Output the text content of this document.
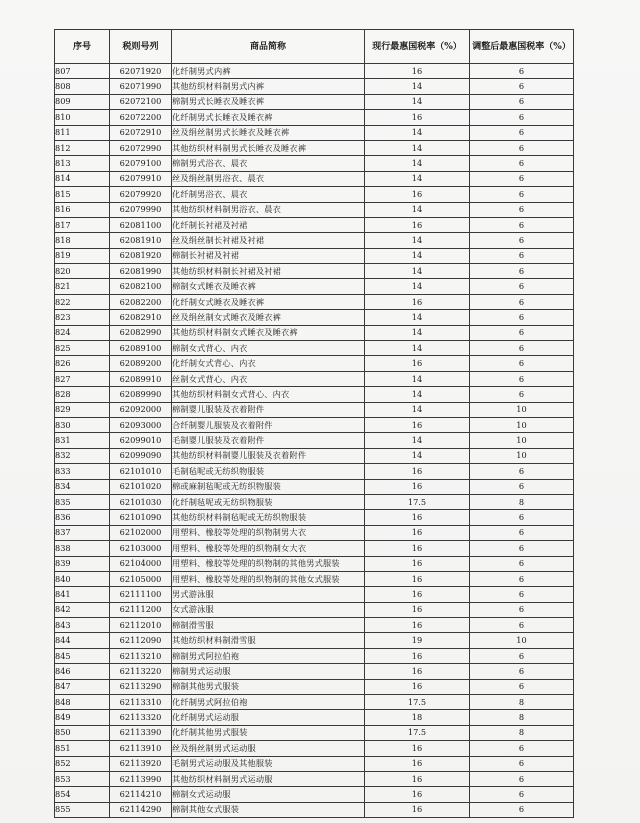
序号	税则号列	商品简称	现行最惠国税率（%）	调整后最惠国税率（%）
807	62071920	化纤制男式内裤	16	6
808	62071990	其他纺织材料制男式内裤	14	6
809	62072100	棉制男式长睡衣及睡衣裤	14	6
810	62072200	化纤制男式长睡衣及睡衣裤	16	6
811	62072910	丝及绢丝制男式长睡衣及睡衣裤	14	6
812	62072990	其他纺织材料制男式长睡衣及睡衣裤	14	6
813	62079100	棉制男式浴衣、晨衣	14	6
814	62079910	丝及绢丝制男浴衣、晨衣	14	6
815	62079920	化纤制男浴衣、晨衣	16	6
816	62079990	其他纺织材料制男浴衣、晨衣	14	6
817	62081100	化纤制长衬裙及衬裙	16	6
818	62081910	丝及绢丝制长衬裙及衬裙	14	6
819	62081920	棉制长衬裙及衬裙	14	6
820	62081990	其他纺织材料制长衬裙及衬裙	14	6
821	62082100	棉制女式睡衣及睡衣裤	14	6
822	62082200	化纤制女式睡衣及睡衣裤	16	6
823	62082910	丝及绢丝制女式睡衣及睡衣裤	14	6
824	62082990	其他纺织材料制女式睡衣及睡衣裤	14	6
825	62089100	棉制女式背心、内衣	14	6
826	62089200	化纤制女式背心、内衣	16	6
827	62089910	丝制女式背心、内衣	14	6
828	62089990	其他纺织材料制女式背心、内衣	14	6
829	62092000	棉制婴儿服装及衣着附件	14	10
830	62093000	合纤制婴儿服装及衣着附件	16	10
831	62099010	毛制婴儿服装及衣着附件	14	10
832	62099090	其他纺织材料制婴儿服装及衣着附件	14	10
833	62101010	毛制毡呢或无纺织物服装	16	6
834	62101020	棉或麻制毡呢或无纺织物服装	16	6
835	62101030	化纤制毡呢或无纺织物服装	17.5	8
836	62101090	其他纺织材料制毡呢或无纺织物服装	16	6
837	62102000	用塑料、橡胶等处理的织物制男大衣	16	6
838	62103000	用塑料、橡胶等处理的织物制女大衣	16	6
839	62104000	用塑料、橡胶等处理的织物制的其他男式服装	16	6
840	62105000	用塑料、橡胶等处理的织物制的其他女式服装	16	6
841	62111100	男式游泳服	16	6
842	62111200	女式游泳服	16	6
843	62112010	棉制滑雪服	16	6
844	62112090	其他纺织材料制滑雪服	19	10
845	62113210	棉制男式阿拉伯袍	16	6
846	62113220	棉制男式运动服	16	6
847	62113290	棉制其他男式服装	16	6
848	62113310	化纤制男式阿拉伯袍	17.5	8
849	62113320	化纤制男式运动服	18	8
850	62113390	化纤制其他男式服装	17.5	8
851	62113910	丝及绢丝制男式运动服	16	6
852	62113920	毛制男式运动服及其他服装	16	6
853	62113990	其他纺织材料制男式运动服	16	6
854	62114210	棉制女式运动服	16	6
855	62114290	棉制其他女式服装	16	6
